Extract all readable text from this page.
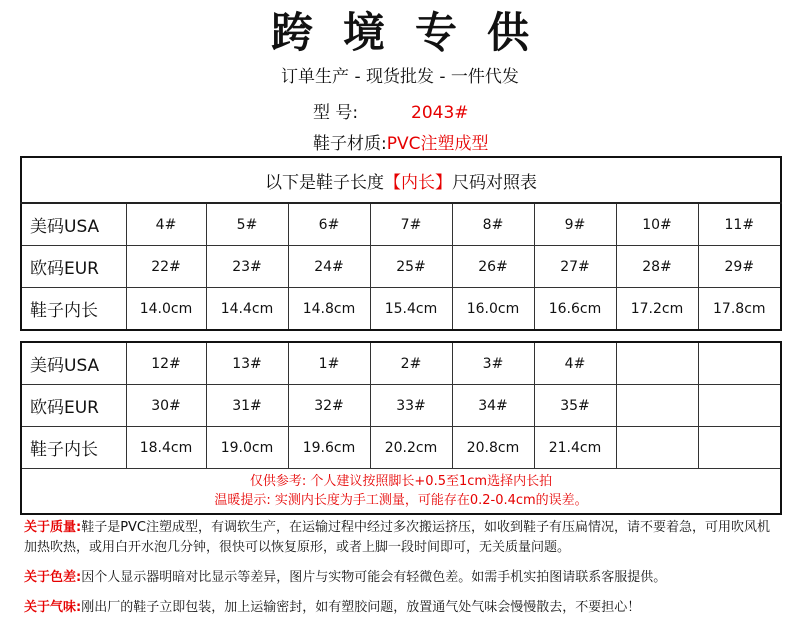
跨境专供
订单生产 - 现货批发 - 一件代发
型 号:	2043#
鞋子材质:PVC注塑成型
以下是鞋子长度【内长】尺码对照表								
美码USA	4#	5#	6#	7#	8#	9#	10#	11#
欧码EUR	22#	23#	24#	25#	26#	27#	28#	29#
鞋子内长	14.0cm	14.4cm	14.8cm	15.4cm	16.0cm	16.6cm	17.2cm	17.8cm
美码USA	12#	13#	1#	2#	3#	4#		
欧码EUR	30#	31#	32#	33#	34#	35#		
鞋子内长	18.4cm	19.0cm	19.6cm	20.2cm	20.8cm	21.4cm		

仅供参考: 个人建议按照脚长+0.5至1cm选择内长拍
温暖提示: 实测内长度为手工测量，可能存在0.2-0.4cm的误差。								
关于质量:鞋子是PVC注塑成型，有调软生产，在运输过程中经过多次搬运挤压，如收到鞋子有压扁情况，请不要着急，可用吹风机加热吹热，或用白开水泡几分钟，很快可以恢复原形，或者上脚一段时间即可，无关质量问题。
关于色差:因个人显示器明暗对比显示等差异，图片与实物可能会有轻微色差。如需手机实拍图请联系客服提供。
关于气味:刚出厂的鞋子立即包装，加上运输密封，如有塑胶问题，放置通气处气味会慢慢散去，不要担心！
